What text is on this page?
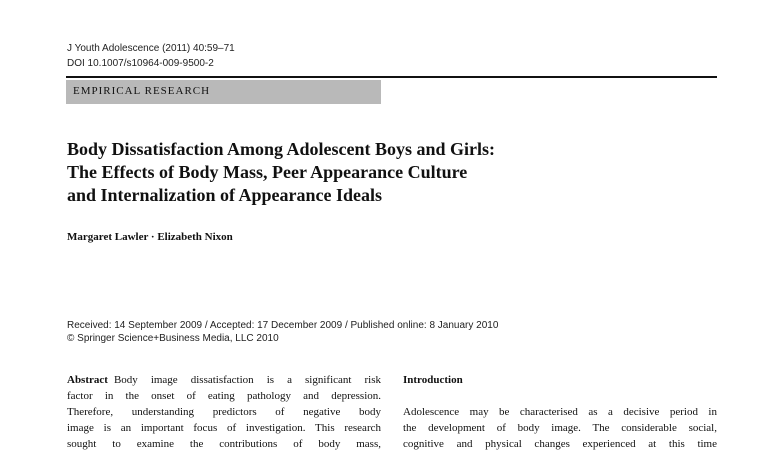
J Youth Adolescence (2011) 40:59–71
DOI 10.1007/s10964-009-9500-2
EMPIRICAL RESEARCH
Body Dissatisfaction Among Adolescent Boys and Girls:
The Effects of Body Mass, Peer Appearance Culture
and Internalization of Appearance Ideals
Margaret Lawler · Elizabeth Nixon
Received: 14 September 2009 / Accepted: 17 December 2009 / Published online: 8 January 2010
© Springer Science+Business Media, LLC 2010
Abstract Body image dissatisfaction is a significant risk
factor in the onset of eating pathology and depression.
Therefore, understanding predictors of negative body
image is an important focus of investigation. This research
sought to examine the contributions of body mass,
Introduction
Adolescence may be characterised as a decisive period in
the development of body image. The considerable social,
cognitive and physical changes experienced at this time
